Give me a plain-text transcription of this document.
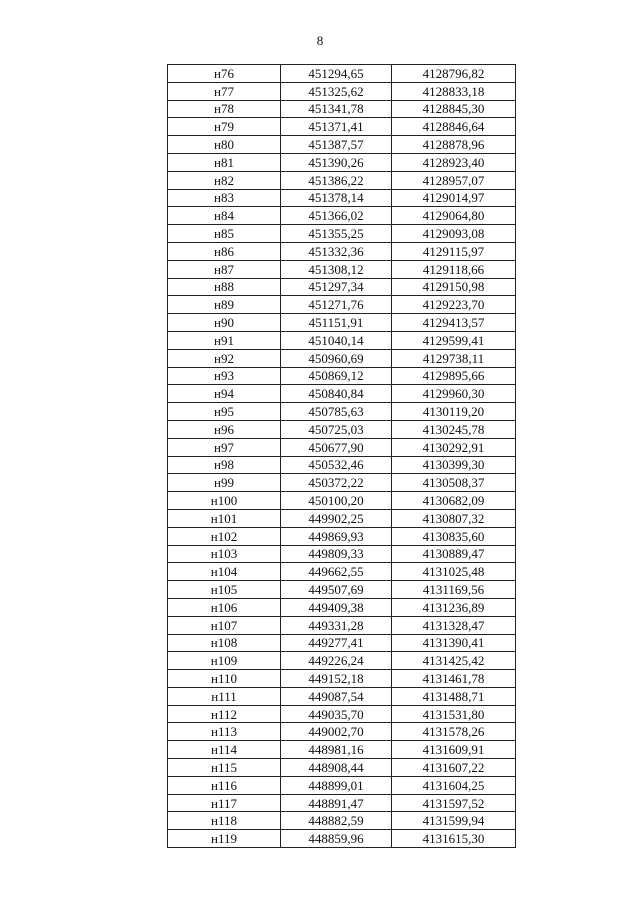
8
н76	451294,65	4128796,82
н77	451325,62	4128833,18
н78	451341,78	4128845,30
н79	451371,41	4128846,64
н80	451387,57	4128878,96
н81	451390,26	4128923,40
н82	451386,22	4128957,07
н83	451378,14	4129014,97
н84	451366,02	4129064,80
н85	451355,25	4129093,08
н86	451332,36	4129115,97
н87	451308,12	4129118,66
н88	451297,34	4129150,98
н89	451271,76	4129223,70
н90	451151,91	4129413,57
н91	451040,14	4129599,41
н92	450960,69	4129738,11
н93	450869,12	4129895,66
н94	450840,84	4129960,30
н95	450785,63	4130119,20
н96	450725,03	4130245,78
н97	450677,90	4130292,91
н98	450532,46	4130399,30
н99	450372,22	4130508,37
н100	450100,20	4130682,09
н101	449902,25	4130807,32
н102	449869,93	4130835,60
н103	449809,33	4130889,47
н104	449662,55	4131025,48
н105	449507,69	4131169,56
н106	449409,38	4131236,89
н107	449331,28	4131328,47
н108	449277,41	4131390,41
н109	449226,24	4131425,42
н110	449152,18	4131461,78
н111	449087,54	4131488,71
н112	449035,70	4131531,80
н113	449002,70	4131578,26
н114	448981,16	4131609,91
н115	448908,44	4131607,22
н116	448899,01	4131604,25
н117	448891,47	4131597,52
н118	448882,59	4131599,94
н119	448859,96	4131615,30
